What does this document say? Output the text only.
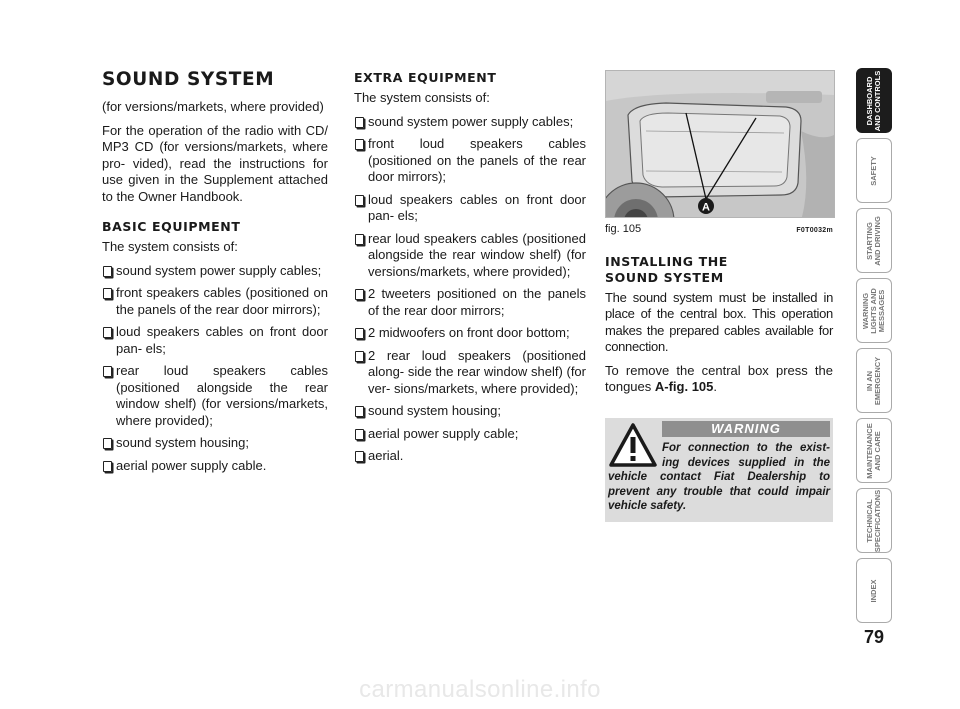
SOUND SYSTEM

(for versions/markets, where provided)

For the operation of the radio with CD/ MP3 CD (for versions/markets, where pro- vided), read the instructions for use given in the Supplement attached to the Owner Handbook.

BASIC EQUIPMENT

The system consists of:

sound system power supply cables;
front speakers cables (positioned on the panels of the rear door mirrors);
loud speakers cables on front door pan- els;
rear loud speakers cables (positioned alongside the rear window shelf) (for versions/markets, where provided);
sound system housing;
aerial power supply cable.
EXTRA EQUIPMENT

The system consists of:

sound system power supply cables;
front loud speakers cables (positioned on the panels of the rear door mirrors);
loud speakers cables on front door pan- els;
rear loud speakers cables (positioned alongside the rear window shelf) (for versions/markets, where provided);
2 tweeters positioned on the panels of the rear door mirrors;
2 midwoofers on front door bottom;
2 rear loud speakers (positioned along- side the rear window shelf) (for ver- sions/markets, where provided);
sound system housing;
aerial power supply cable;
aerial.
A
fig. 105	F0T0032m
INSTALLING THE
SOUND SYSTEM

The sound system must be installed in place of the central box. This operation makes the prepared cables available for connection.

To remove the central box press the tongues A-fig. 105.

WARNING
For connection to the exist- ing devices supplied in the vehicle contact Fiat Dealership to prevent any trouble that could impair vehicle safety.
DASHBOARD
AND CONTROLS
SAFETY
STARTING
AND DRIVING
WARNING
LIGHTS AND
MESSAGES
IN AN
EMERGENCY
MAINTENANCE
AND CARE
TECHNICAL
SPECIFICATIONS
INDEX
79
carmanualsonline.info
